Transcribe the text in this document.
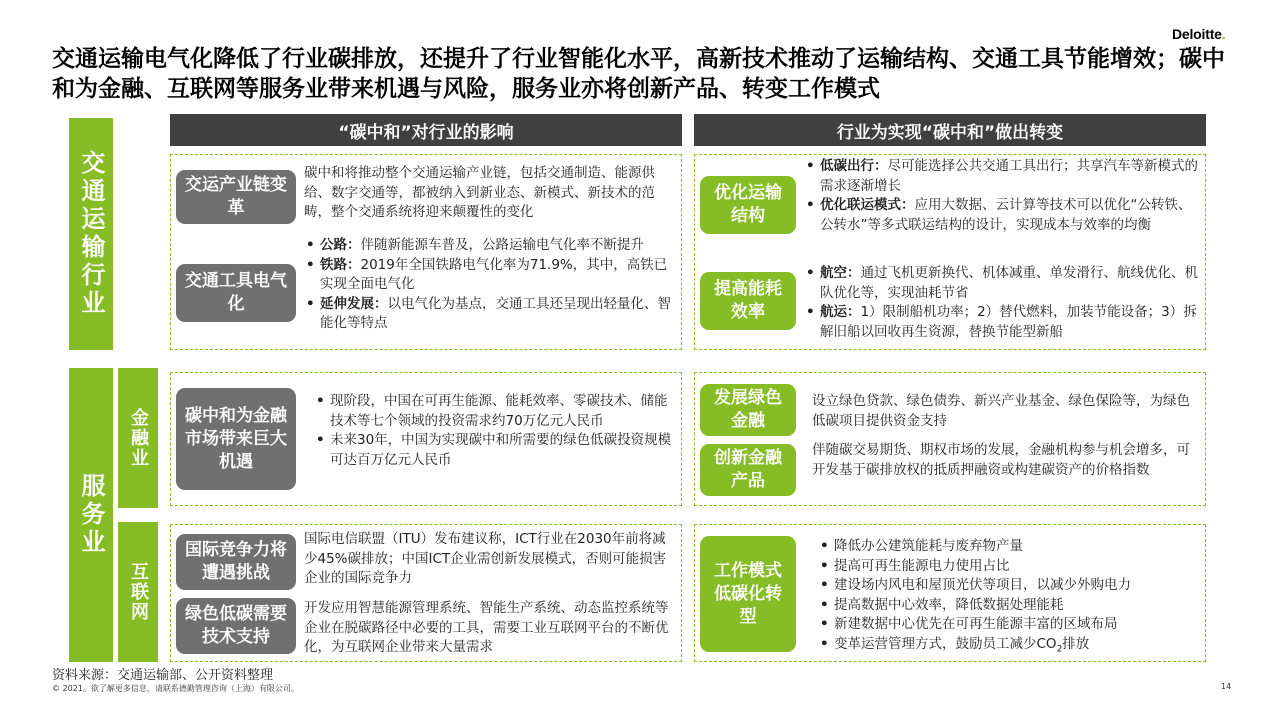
Deloitte.
交通运输电气化降低了行业碳排放，还提升了行业智能化水平，高新技术推动了运输结构、交通工具节能增效；碳中和为金融、互联网等服务业带来机遇与风险，服务业亦将创新产品、转变工作模式
“碳中和”对行业的影响	行业为实现“碳中和”做出转变
交通运输行业
服务业
金融业
互联网
交运产业链变革
碳中和将推动整个交通运输产业链，包括交通制造、能源供给、数字交通等，都被纳入到新业态、新模式、新技术的范畴，整个交通系统将迎来颠覆性的变化
交通工具电气化
• 公路：伴随新能源车普及，公路运输电气化率不断提升
• 铁路：2019年全国铁路电气化率为71.9%，其中，高铁已实现全面电气化
• 延伸发展：以电气化为基点，交通工具还呈现出轻量化、智能化等特点
优化运输结构
• 低碳出行：尽可能选择公共交通工具出行；共享汽车等新模式的需求逐渐增长
• 优化联运模式：应用大数据、云计算等技术可以优化“公转铁、公转水”等多式联运结构的设计，实现成本与效率的均衡
提高能耗效率
• 航空：通过飞机更新换代、机体减重、单发滑行、航线优化、机队优化等，实现油耗节省
• 航运：1）限制船机功率；2）替代燃料，加装节能设备；3）拆解旧船以回收再生资源，替换节能型新船
碳中和为金融市场带来巨大机遇
• 现阶段，中国在可再生能源、能耗效率、零碳技术、储能技术等七个领域的投资需求约70万亿元人民币
• 未来30年，中国为实现碳中和所需要的绿色低碳投资规模可达百万亿元人民币
发展绿色金融
设立绿色贷款、绿色债券、新兴产业基金、绿色保险等，为绿色低碳项目提供资金支持
创新金融产品
伴随碳交易期货、期权市场的发展，金融机构参与机会增多，可开发基于碳排放权的抵质押融资或构建碳资产的价格指数
国际竞争力将遭遇挑战
国际电信联盟（ITU）发布建议称，ICT行业在2030年前将减少45%碳排放；中国ICT企业需创新发展模式，否则可能损害企业的国际竞争力
绿色低碳需要技术支持
开发应用智慧能源管理系统、智能生产系统、动态监控系统等企业在脱碳路径中必要的工具，需要工业互联网平台的不断优化，为互联网企业带来大量需求
工作模式低碳化转型
• 降低办公建筑能耗与废弃物产量
• 提高可再生能源电力使用占比
• 建设场内风电和屋顶光伏等项目，以减少外购电力
• 提高数据中心效率，降低数据处理能耗
• 新建数据中心优先在可再生能源丰富的区域布局
• 变革运营管理方式，鼓励员工减少$CO_2$排放
资料来源：交通运输部、公开资料整理
© 2021。欲了解更多信息，请联系德勤管理咨询（上海）有限公司。	14
